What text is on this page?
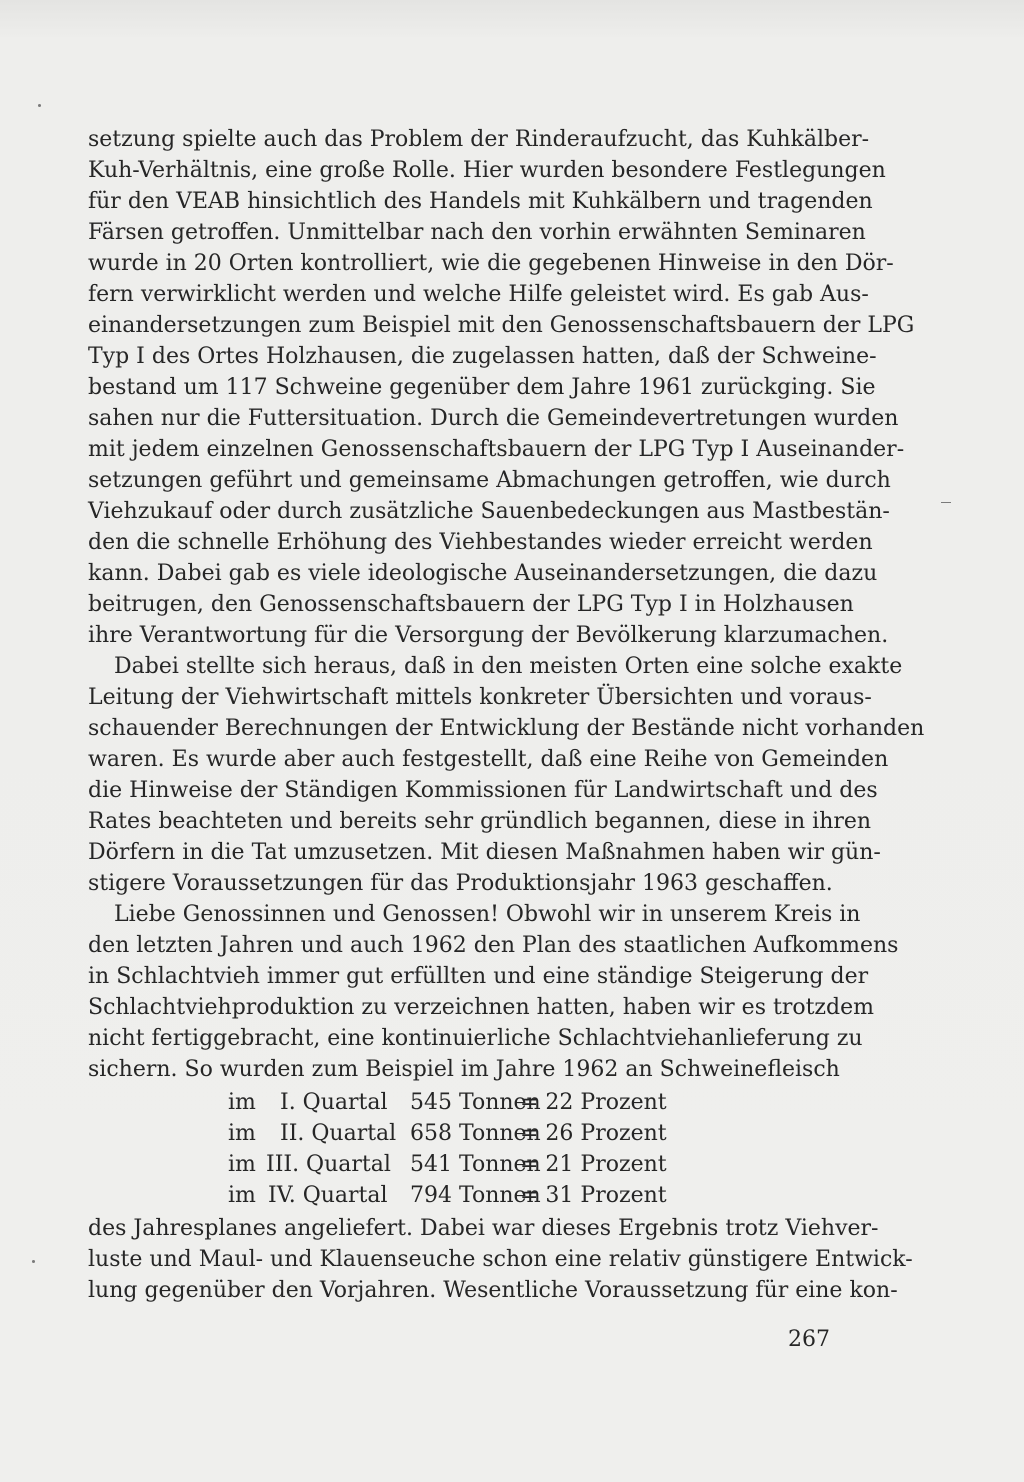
setzung spielte auch das Problem der Rinderaufzucht, das Kuhkälber-
Kuh-Verhältnis, eine große Rolle. Hier wurden besondere Festlegungen
für den VEAB hinsichtlich des Handels mit Kuhkälbern und tragenden
Färsen getroffen. Unmittelbar nach den vorhin erwähnten Seminaren
wurde in 20 Orten kontrolliert, wie die gegebenen Hinweise in den Dör-
fern verwirklicht werden und welche Hilfe geleistet wird. Es gab Aus-
einandersetzungen zum Beispiel mit den Genossenschaftsbauern der LPG
Typ I des Ortes Holzhausen, die zugelassen hatten, daß der Schweine-
bestand um 117 Schweine gegenüber dem Jahre 1961 zurückging. Sie
sahen nur die Futtersituation. Durch die Gemeindevertretungen wurden
mit jedem einzelnen Genossenschaftsbauern der LPG Typ I Auseinander-
setzungen geführt und gemeinsame Abmachungen getroffen, wie durch
Viehzukauf oder durch zusätzliche Sauenbedeckungen aus Mastbestän-
den die schnelle Erhöhung des Viehbestandes wieder erreicht werden
kann. Dabei gab es viele ideologische Auseinandersetzungen, die dazu
beitrugen, den Genossenschaftsbauern der LPG Typ I in Holzhausen
ihre Verantwortung für die Versorgung der Bevölkerung klarzumachen.
Dabei stellte sich heraus, daß in den meisten Orten eine solche exakte
Leitung der Viehwirtschaft mittels konkreter Übersichten und voraus-
schauender Berechnungen der Entwicklung der Bestände nicht vorhanden
waren. Es wurde aber auch festgestellt, daß eine Reihe von Gemeinden
die Hinweise der Ständigen Kommissionen für Landwirtschaft und des
Rates beachteten und bereits sehr gründlich begannen, diese in ihren
Dörfern in die Tat umzusetzen. Mit diesen Maßnahmen haben wir gün-
stigere Voraussetzungen für das Produktionsjahr 1963 geschaffen.
Liebe Genossinnen und Genossen! Obwohl wir in unserem Kreis in
den letzten Jahren und auch 1962 den Plan des staatlichen Aufkommens
in Schlachtvieh immer gut erfüllten und eine ständige Steigerung der
Schlachtviehproduktion zu verzeichnen hatten, haben wir es trotzdem
nicht fertiggebracht, eine kontinuierliche Schlachtviehanlieferung zu
sichern. So wurden zum Beispiel im Jahre 1962 an Schweinefleisch
im I. Quartal 545 Tonnen
= 22 Prozent
im II. Quartal 658 Tonnen
= 26 Prozent
im III. Quartal 541 Tonnen
= 21 Prozent
im IV. Quartal 794 Tonnen
= 31 Prozent
des Jahresplanes angeliefert. Dabei war dieses Ergebnis trotz Viehver-
luste und Maul- und Klauenseuche schon eine relativ günstigere Entwick-
lung gegenüber den Vorjahren. Wesentliche Voraussetzung für eine kon-
267
